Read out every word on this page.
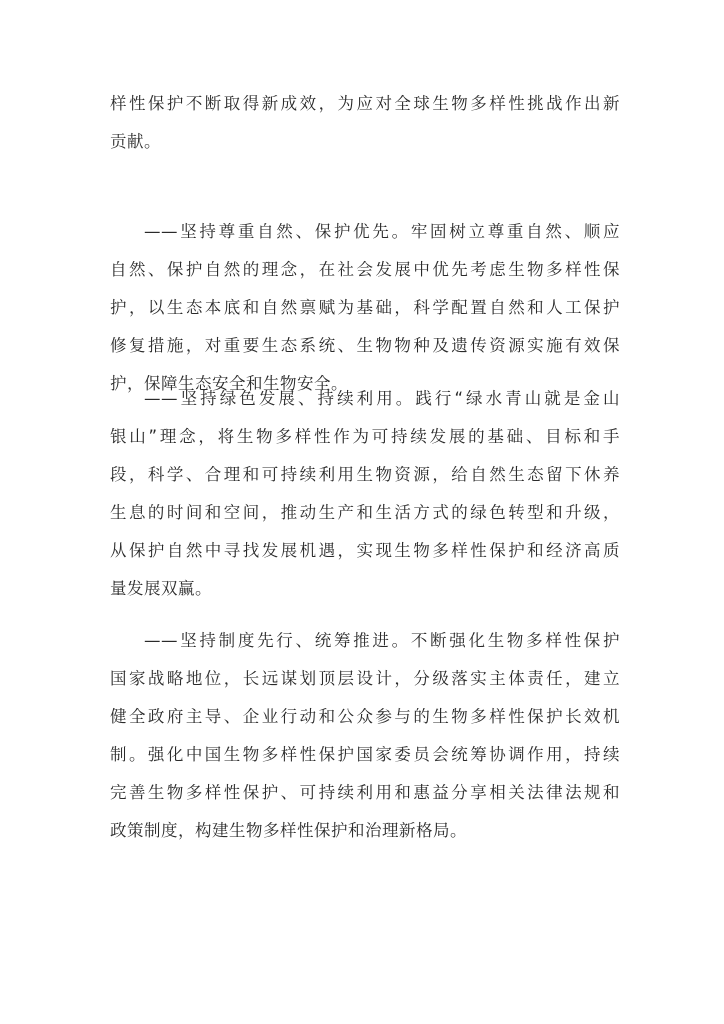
样性保护不断取得新成效，为应对全球生物多样性挑战作出新
贡献。

——坚持尊重自然、保护优先。牢固树立尊重自然、顺应
自然、保护自然的理念，在社会发展中优先考虑生物多样性保
护，以生态本底和自然禀赋为基础，科学配置自然和人工保护
修复措施，对重要生态系统、生物物种及遗传资源实施有效保
护，保障生态安全和生物安全。

——坚持绿色发展、持续利用。践行“绿水青山就是金山
银山”理念，将生物多样性作为可持续发展的基础、目标和手
段，科学、合理和可持续利用生物资源，给自然生态留下休养
生息的时间和空间，推动生产和生活方式的绿色转型和升级，
从保护自然中寻找发展机遇，实现生物多样性保护和经济高质
量发展双赢。

——坚持制度先行、统筹推进。不断强化生物多样性保护
国家战略地位，长远谋划顶层设计，分级落实主体责任，建立
健全政府主导、企业行动和公众参与的生物多样性保护长效机
制。强化中国生物多样性保护国家委员会统筹协调作用，持续
完善生物多样性保护、可持续利用和惠益分享相关法律法规和
政策制度，构建生物多样性保护和治理新格局。
